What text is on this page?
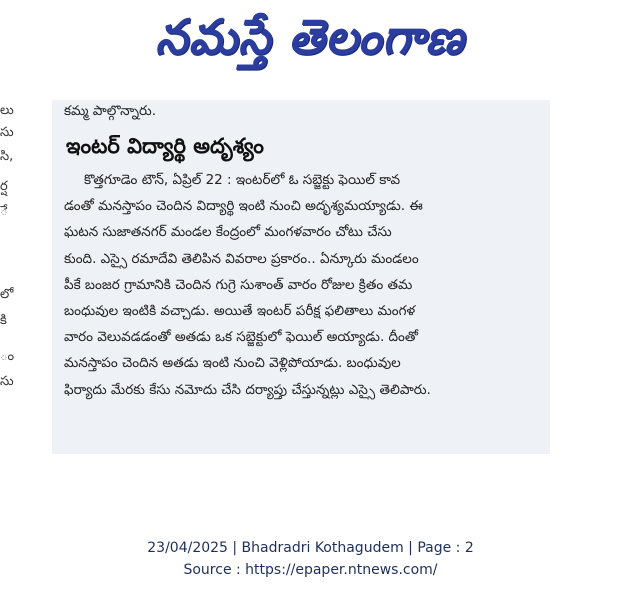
నమస్తే తెలంగాణ
లు
సు
సి,
ర్ష
ే
లో
కి
ం
సు

కమ్మ పాల్గొన్నారు.

ఇంటర్ విద్యార్థి అదృశ్యం
కొత్తగూడెం టౌన్, ఏప్రిల్ 22 : ఇంటర్‌లో ఓ సబ్జెక్టు ఫెయిల్ కావ
డంతో మనస్తాపం చెందిన విద్యార్థి ఇంటి నుంచి అదృశ్యమయ్యాడు. ఈ
ఘటన సుజాతనగర్ మండల కేంద్రంలో మంగళవారం చోటు చేసు
కుంది. ఎస్సై రమాదేవి తెలిపిన వివరాల ప్రకారం.. ఏన్కూరు మండలం
పీకే బంజర గ్రామానికి చెందిన గుగ్రె సుశాంత్ వారం రోజుల క్రితం తమ
బంధువుల ఇంటికి వచ్చాడు. అయితే ఇంటర్ పరీక్ష ఫలితాలు మంగళ
వారం వెలువడడంతో అతడు ఒక సబ్జెక్టులో ఫెయిల్ అయ్యాడు. దీంతో
మనస్తాపం చెందిన అతడు ఇంటి నుంచి వెళ్లిపోయాడు. బంధువుల
ఫిర్యాదు మేరకు కేసు నమోదు చేసి దర్యాప్తు చేస్తున్నట్లు ఎస్సై తెలిపారు.
23/04/2025 | Bhadradri Kothagudem | Page : 2
Source : https://epaper.ntnews.com/
